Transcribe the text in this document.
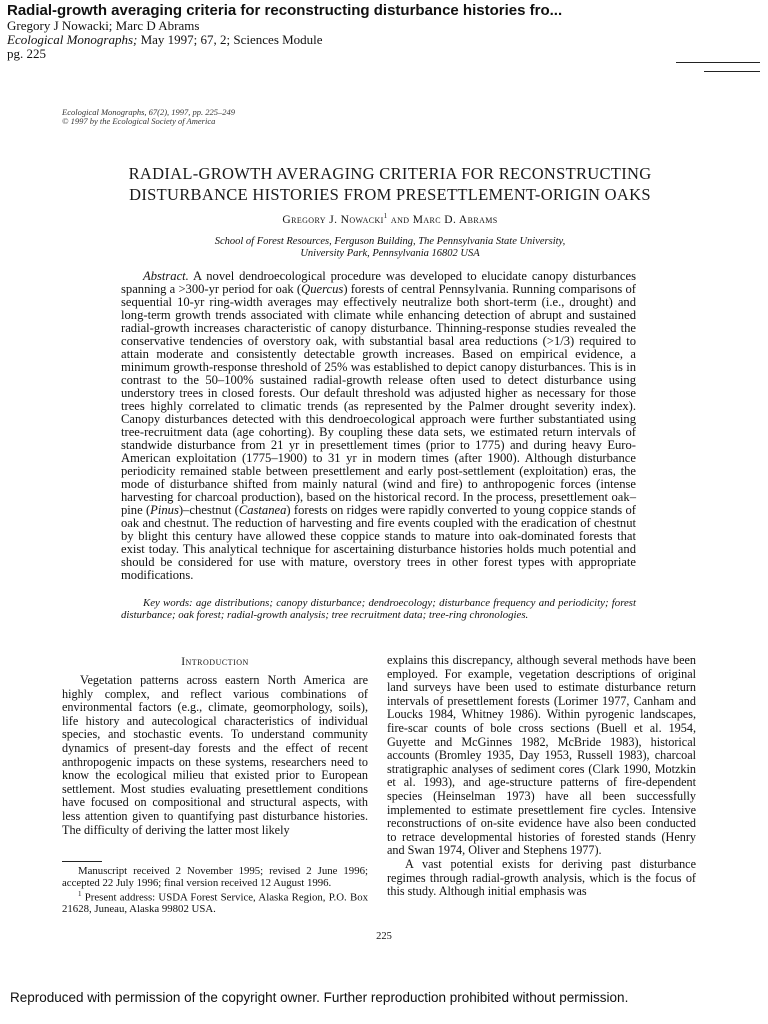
Radial-growth averaging criteria for reconstructing disturbance histories fro...
Gregory J Nowacki; Marc D Abrams
Ecological Monographs; May 1997; 67, 2; Sciences Module
pg. 225
Ecological Monographs, 67(2), 1997, pp. 225–249
© 1997 by the Ecological Society of America
RADIAL-GROWTH AVERAGING CRITERIA FOR RECONSTRUCTING
DISTURBANCE HISTORIES FROM PRESETTLEMENT-ORIGIN OAKS
Gregory J. Nowacki$^1$ and Marc D. Abrams
School of Forest Resources, Ferguson Building, The Pennsylvania State University,
University Park, Pennsylvania 16802 USA
Abstract. A novel dendroecological procedure was developed to elucidate canopy disturbances spanning a >300-yr period for oak (Quercus) forests of central Pennsylvania. Running comparisons of sequential 10-yr ring-width averages may effectively neutralize both short-term (i.e., drought) and long-term growth trends associated with climate while enhancing detection of abrupt and sustained radial-growth increases characteristic of canopy disturbance. Thinning-response studies revealed the conservative tendencies of overstory oak, with substantial basal area reductions (>1/3) required to attain moderate and consistently detectable growth increases. Based on empirical evidence, a minimum growth-response threshold of 25% was established to depict canopy disturbances. This is in contrast to the 50–100% sustained radial-growth release often used to detect disturbance using understory trees in closed forests. Our default threshold was adjusted higher as necessary for those trees highly correlated to climatic trends (as represented by the Palmer drought severity index). Canopy disturbances detected with this dendroecological approach were further substantiated using tree-recruitment data (age cohorting). By coupling these data sets, we estimated return intervals of standwide disturbance from 21 yr in presettlement times (prior to 1775) and during heavy Euro-American exploitation (1775–1900) to 31 yr in modern times (after 1900). Although disturbance periodicity remained stable between presettlement and early post-settlement (exploitation) eras, the mode of disturbance shifted from mainly natural (wind and fire) to anthropogenic forces (intense harvesting for charcoal production), based on the historical record. In the process, presettlement oak–pine (Pinus)–chestnut (Castanea) forests on ridges were rapidly converted to young coppice stands of oak and chestnut. The reduction of harvesting and fire events coupled with the eradication of chestnut by blight this century have allowed these coppice stands to mature into oak-dominated forests that exist today. This analytical technique for ascertaining disturbance histories holds much potential and should be considered for use with mature, overstory trees in other forest types with appropriate modifications.
Key words: age distributions; canopy disturbance; dendroecology; disturbance frequency and periodicity; forest disturbance; oak forest; radial-growth analysis; tree recruitment data; tree-ring chronologies.
Introduction

Vegetation patterns across eastern North America are highly complex, and reflect various combinations of environmental factors (e.g., climate, geomorphology, soils), life history and autecological characteristics of individual species, and stochastic events. To understand community dynamics of present-day forests and the effect of recent anthropogenic impacts on these systems, researchers need to know the ecological milieu that existed prior to European settlement. Most studies evaluating presettlement conditions have focused on compositional and structural aspects, with less attention given to quantifying past disturbance histories. The difficulty of deriving the latter most likely

Manuscript received 2 November 1995; revised 2 June 1996; accepted 22 July 1996; final version received 12 August 1996.

$^1$ Present address: USDA Forest Service, Alaska Region, P.O. Box 21628, Juneau, Alaska 99802 USA.

explains this discrepancy, although several methods have been employed. For example, vegetation descriptions of original land surveys have been used to estimate disturbance return intervals of presettlement forests (Lorimer 1977, Canham and Loucks 1984, Whitney 1986). Within pyrogenic landscapes, fire-scar counts of bole cross sections (Buell et al. 1954, Guyette and McGinnes 1982, McBride 1983), historical accounts (Bromley 1935, Day 1953, Russell 1983), charcoal stratigraphic analyses of sediment cores (Clark 1990, Motzkin et al. 1993), and age-structure patterns of fire-dependent species (Heinselman 1973) have all been successfully implemented to estimate presettlement fire cycles. Intensive reconstructions of on-site evidence have also been conducted to retrace developmental histories of forested stands (Henry and Swan 1974, Oliver and Stephens 1977).

A vast potential exists for deriving past disturbance regimes through radial-growth analysis, which is the focus of this study. Although initial emphasis was

225
Reproduced with permission of the copyright owner. Further reproduction prohibited without permission.
